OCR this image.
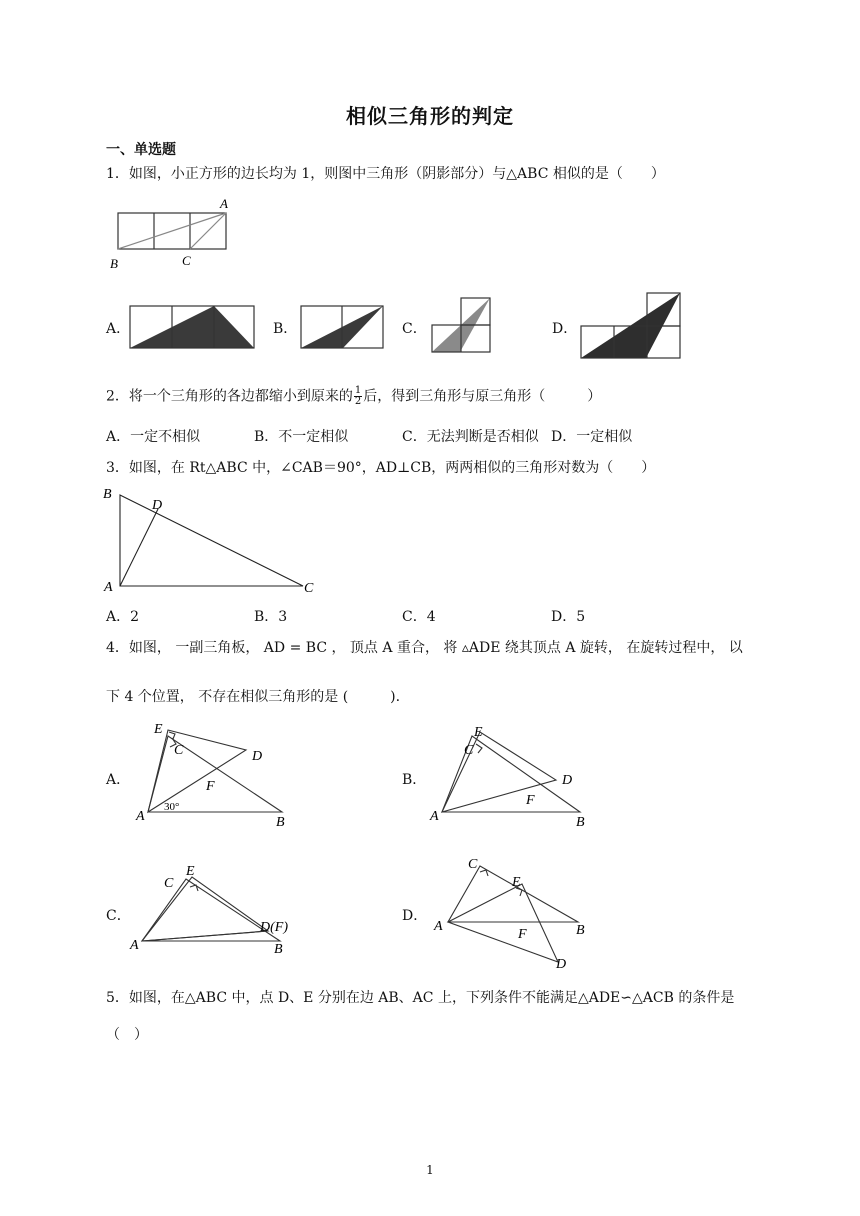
相似三角形的判定
一、单选题
1．如图，小正方形的边长均为 1，则图中三角形（阴影部分）与△ABC 相似的是（　　）
A
B	C
A．	B．	C．	D．
2．将一个三角形的各边都缩小到原来的 $\frac{1}{2}$ 后，得到三角形与原三角形（　　　）
A．一定不相似	B．不一定相似	C．无法判断是否相似 D．一定相似
3．如图，在 Rt△ABC 中，∠CAB＝90°，AD⊥CB，两两相似的三角形对数为（　　）
B
D
A	C
A．2	B．3	C．4	D．5
4．如图， 一副三角板， AD = BC ， 顶点 A 重合， 将 ▵ADE 绕其顶点 A 旋转， 在旋转过程中， 以
下 4 个位置， 不存在相似三角形的是 (　　　).
A．
E
C	D
F
A	B
30°
B．
E
C
D
F
A	B
C．
E
C
D(F)
A	B
D．
C
E
A
F	B
D
5．如图，在△ABC 中，点 D、E 分别在边 AB、AC 上，下列条件不能满足△ADE∽△ACB 的条件是
（　）
1
